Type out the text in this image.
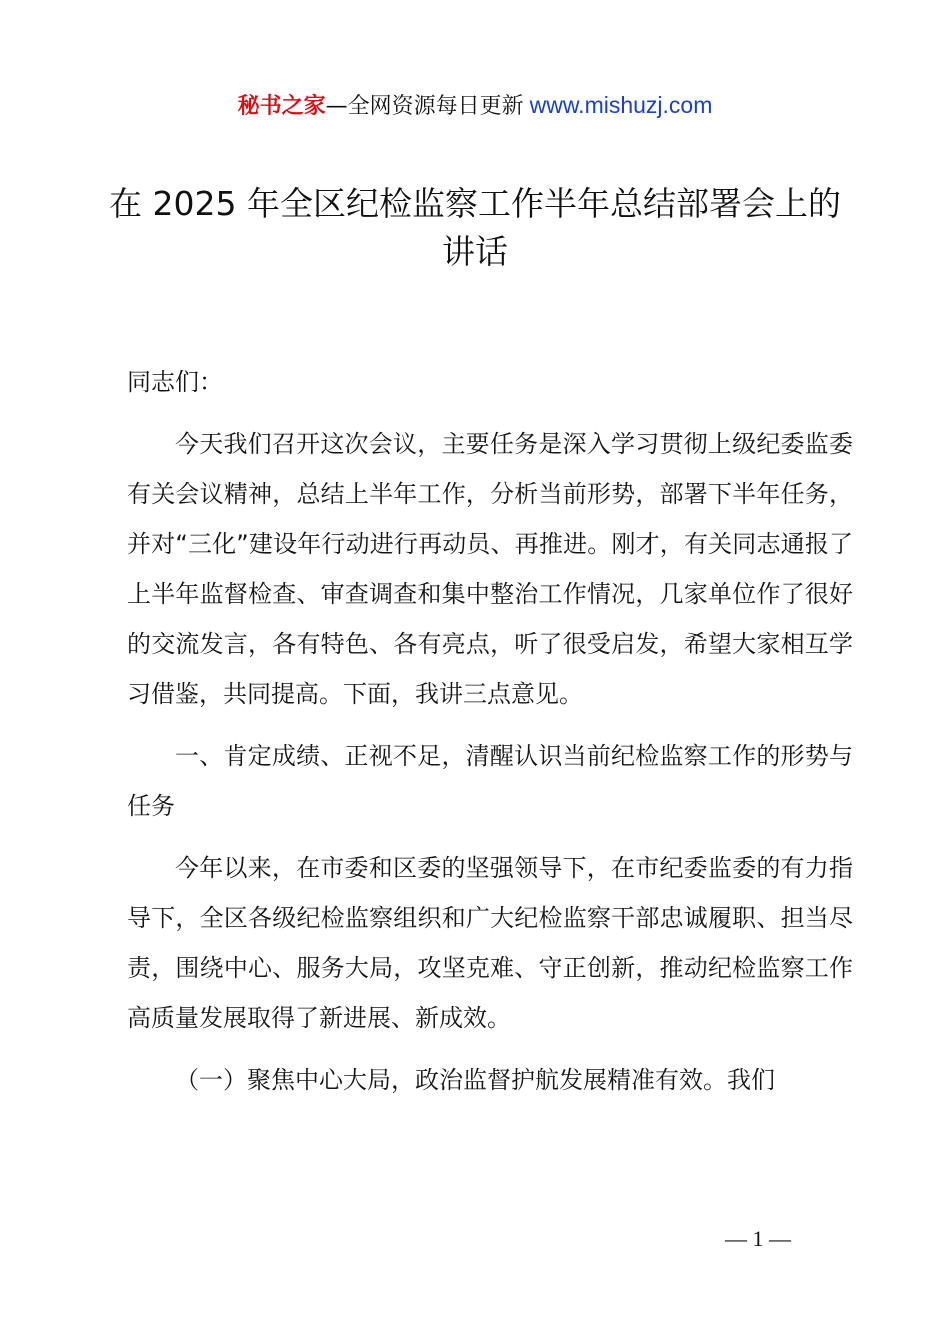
秘书之家—全网资源每日更新 www.mishuzj.com
在 2025 年全区纪检监察工作半年总结部署会上的讲话

同志们：

今天我们召开这次会议，主要任务是深入学习贯彻上级纪委监委有关会议精神，总结上半年工作，分析当前形势，部署下半年任务，并对“三化”建设年行动进行再动员、再推进。刚才，有关同志通报了上半年监督检查、审查调查和集中整治工作情况，几家单位作了很好的交流发言，各有特色、各有亮点，听了很受启发，希望大家相互学习借鉴，共同提高。下面，我讲三点意见。

一、肯定成绩、正视不足，清醒认识当前纪检监察工作的形势与任务

今年以来，在市委和区委的坚强领导下，在市纪委监委的有力指导下，全区各级纪检监察组织和广大纪检监察干部忠诚履职、担当尽责，围绕中心、服务大局，攻坚克难、守正创新，推动纪检监察工作高质量发展取得了新进展、新成效。

（一）聚焦中心大局，政治监督护航发展精准有效。我们

— 1 —
